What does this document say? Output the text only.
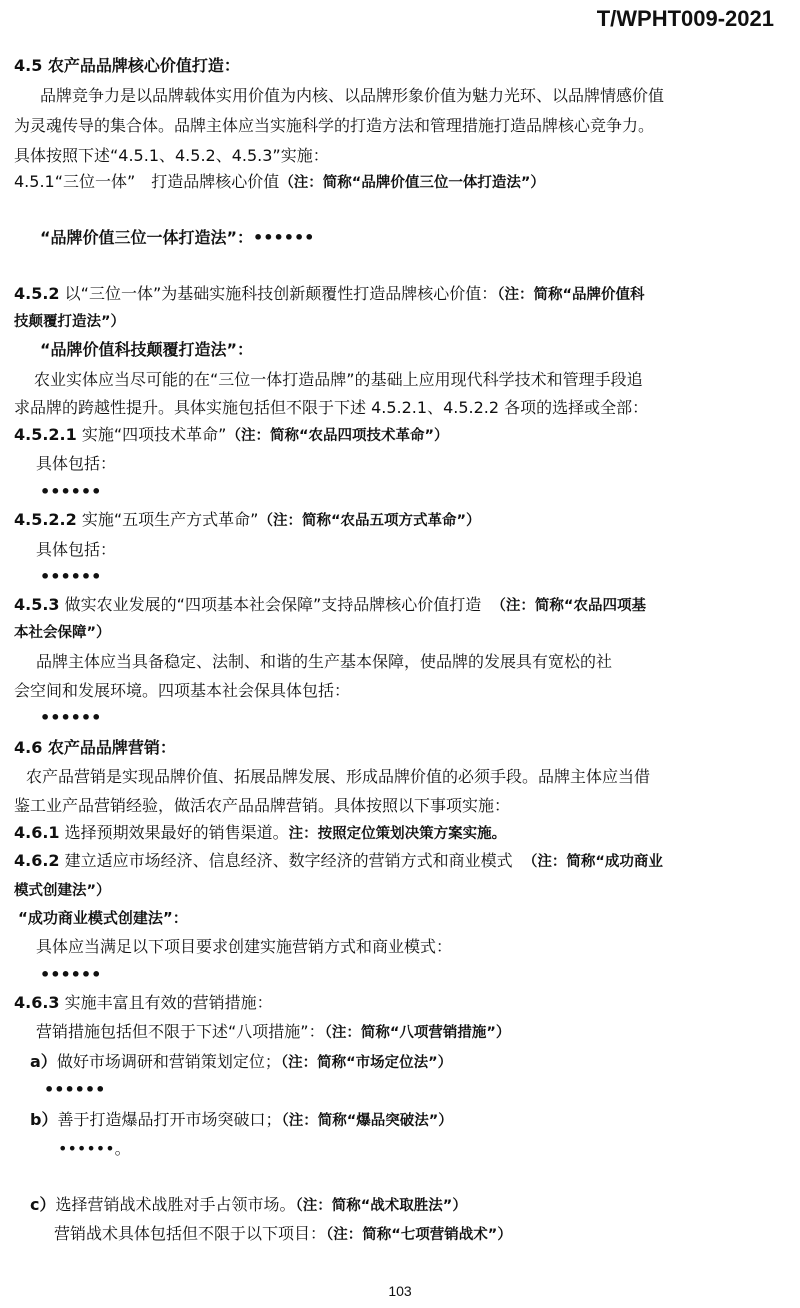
T/WPHT009-2021
4.5 农产品品牌核心价值打造：
品牌竞争力是以品牌载体实用价值为内核、以品牌形象价值为魅力光环、以品牌情感价值
为灵魂传导的集合体。品牌主体应当实施科学的打造方法和管理措施打造品牌核心竞争力。
具体按照下述“4.5.1、4.5.2、4.5.3”实施：
4.5.1“三位一体”　打造品牌核心价值（注：简称“品牌价值三位一体打造法”）
“品牌价值三位一体打造法”：••••••
4.5.2 以“三位一体”为基础实施科技创新颠覆性打造品牌核心价值：（注：简称“品牌价值科
技颠覆打造法”）
“品牌价值科技颠覆打造法”：
农业实体应当尽可能的在“三位一体打造品牌”的基础上应用现代科学技术和管理手段追
求品牌的跨越性提升。具体实施包括但不限于下述 4.5.2.1、4.5.2.2 各项的选择或全部：
4.5.2.1 实施“四项技术革命”（注：简称“农品四项技术革命”）
具体包括：
••••••
4.5.2.2 实施“五项生产方式革命”（注：简称“农品五项方式革命”）
具体包括：
••••••
4.5.3 做实农业发展的“四项基本社会保障”支持品牌核心价值打造 （注：简称“农品四项基
本社会保障”）
品牌主体应当具备稳定、法制、和谐的生产基本保障，使品牌的发展具有宽松的社
会空间和发展环境。四项基本社会保具体包括：
••••••
4.6 农产品品牌营销：
农产品营销是实现品牌价值、拓展品牌发展、形成品牌价值的必须手段。品牌主体应当借
鉴工业产品营销经验，做活农产品品牌营销。具体按照以下事项实施：
4.6.1 选择预期效果最好的销售渠道。注：按照定位策划决策方案实施。
4.6.2 建立适应市场经济、信息经济、数字经济的营销方式和商业模式 （注：简称“成功商业
模式创建法”）
“成功商业模式创建法”：
具体应当满足以下项目要求创建实施营销方式和商业模式：
••••••
4.6.3 实施丰富且有效的营销措施：
营销措施包括但不限于下述“八项措施”：（注：简称“八项营销措施”）
a）做好市场调研和营销策划定位；（注：简称“市场定位法”）
••••••
b）善于打造爆品打开市场突破口；（注：简称“爆品突破法”）
••••••。
c）选择营销战术战胜对手占领市场。（注：简称“战术取胜法”）
营销战术具体包括但不限于以下项目：（注：简称“七项营销战术”）
103
